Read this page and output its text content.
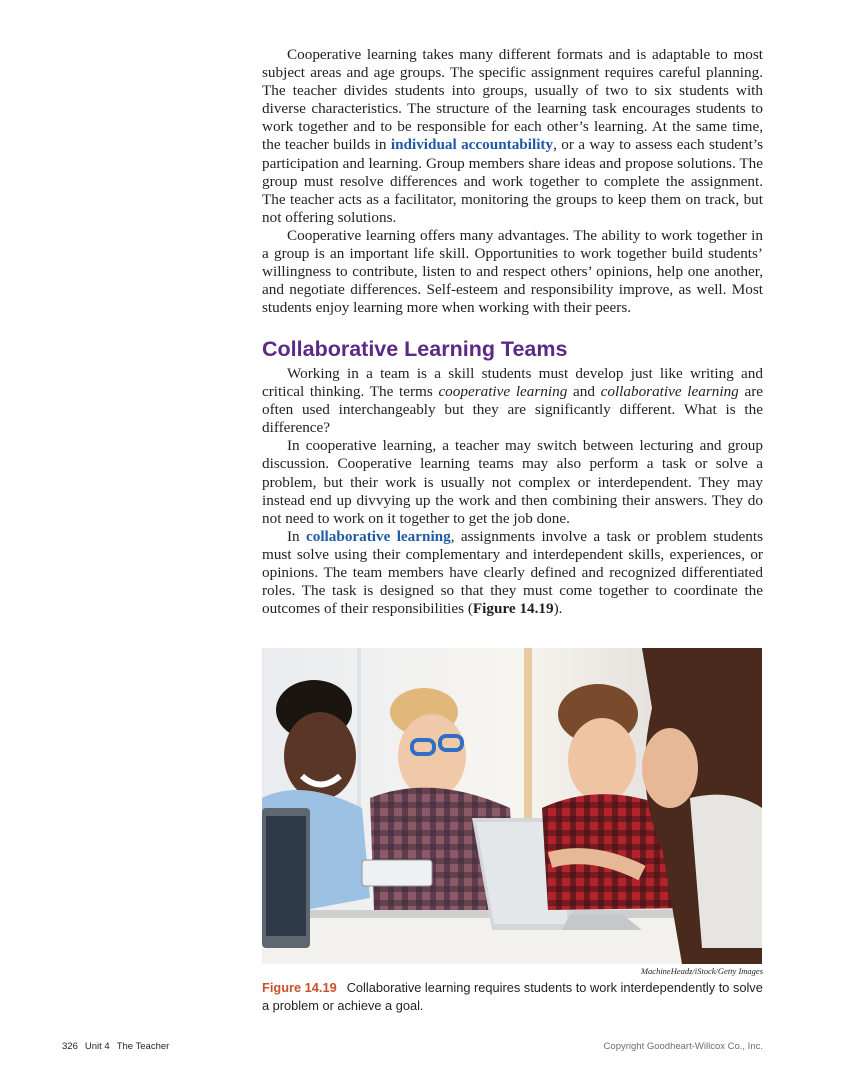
Cooperative learning takes many different formats and is adaptable to most subject areas and age groups. The specific assignment requires careful planning. The teacher divides students into groups, usually of two to six students with diverse characteristics. The structure of the learning task encourages students to work together and to be responsible for each other’s learning. At the same time, the teacher builds in individual accountability, or a way to assess each student’s participation and learning. Group members share ideas and propose solutions. The group must resolve differences and work together to complete the assignment. The teacher acts as a facilitator, monitoring the groups to keep them on track, but not offering solutions.

Cooperative learning offers many advantages. The ability to work together in a group is an important life skill. Opportunities to work together build students’ willingness to contribute, listen to and respect others’ opinions, help one another, and negotiate differences. Self-esteem and responsibility improve, as well. Most students enjoy learning more when working with their peers.

Collaborative Learning Teams

Working in a team is a skill students must develop just like writing and critical thinking. The terms cooperative learning and collaborative learning are often used interchangeably but they are significantly different. What is the difference?

In cooperative learning, a teacher may switch between lecturing and group discussion. Cooperative learning teams may also perform a task or solve a problem, but their work is usually not complex or interdependent. They may instead end up divvying up the work and then combining their answers. They do not need to work on it together to get the job done.

In collaborative learning, assignments involve a task or problem students must solve using their complementary and interdependent skills, experiences, or opinions. The team members have clearly defined and recognized differentiated roles. The task is designed so that they must come together to coordinate the outcomes of their responsibilities (Figure 14.19).

MachineHeadz/iStock/Getty Images
Figure 14.19 Collaborative learning requires students to work interdependently to solve a problem or achieve a goal.
326 Unit 4 The Teacher	Copyright Goodheart-Willcox Co., Inc.
